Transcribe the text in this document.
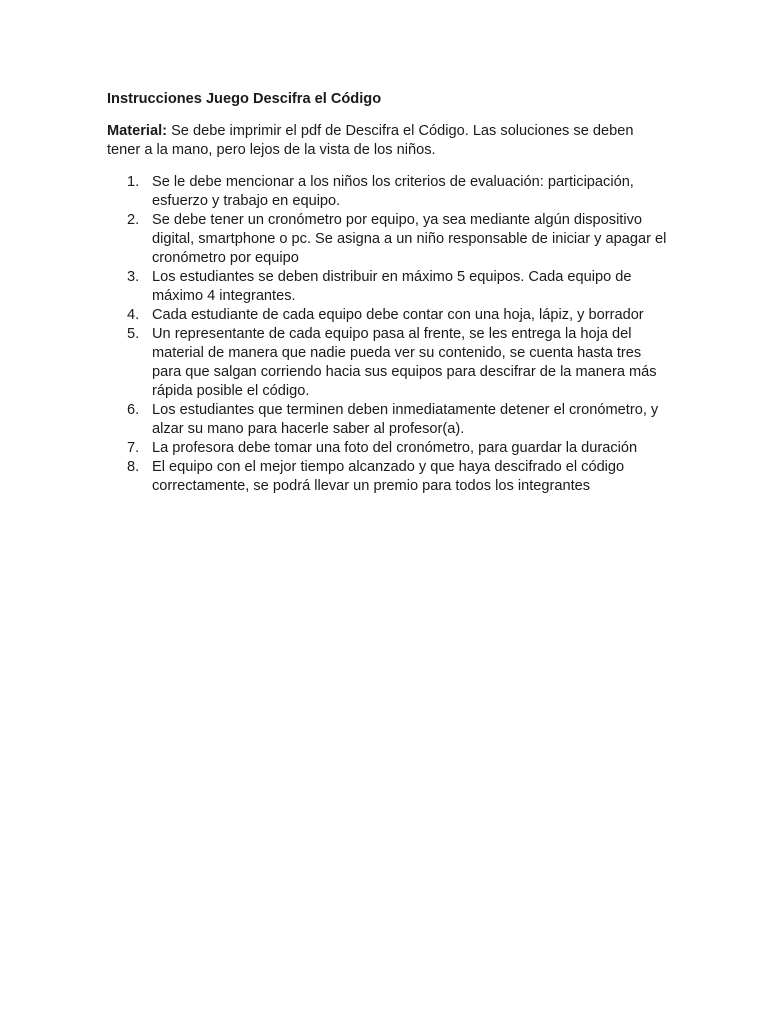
Instrucciones Juego Descifra el Código

Material: Se debe imprimir el pdf de Descifra el Código. Las soluciones se deben tener a la mano, pero lejos de la vista de los niños.

1. Se le debe mencionar a los niños los criterios de evaluación: participación, esfuerzo y trabajo en equipo.
2. Se debe tener un cronómetro por equipo, ya sea mediante algún dispositivo digital, smartphone o pc. Se asigna a un niño responsable de iniciar y apagar el cronómetro por equipo
3. Los estudiantes se deben distribuir en máximo 5 equipos. Cada equipo de máximo 4 integrantes.
4. Cada estudiante de cada equipo debe contar con una hoja, lápiz, y borrador
5. Un representante de cada equipo pasa al frente, se les entrega la hoja del material de manera que nadie pueda ver su contenido, se cuenta hasta tres para que salgan corriendo hacia sus equipos para descifrar de la manera más rápida posible el código.
6. Los estudiantes que terminen deben inmediatamente detener el cronómetro, y alzar su mano para hacerle saber al profesor(a).
7. La profesora debe tomar una foto del cronómetro, para guardar la duración
8. El equipo con el mejor tiempo alcanzado y que haya descifrado el código correctamente, se podrá llevar un premio para todos los integrantes
